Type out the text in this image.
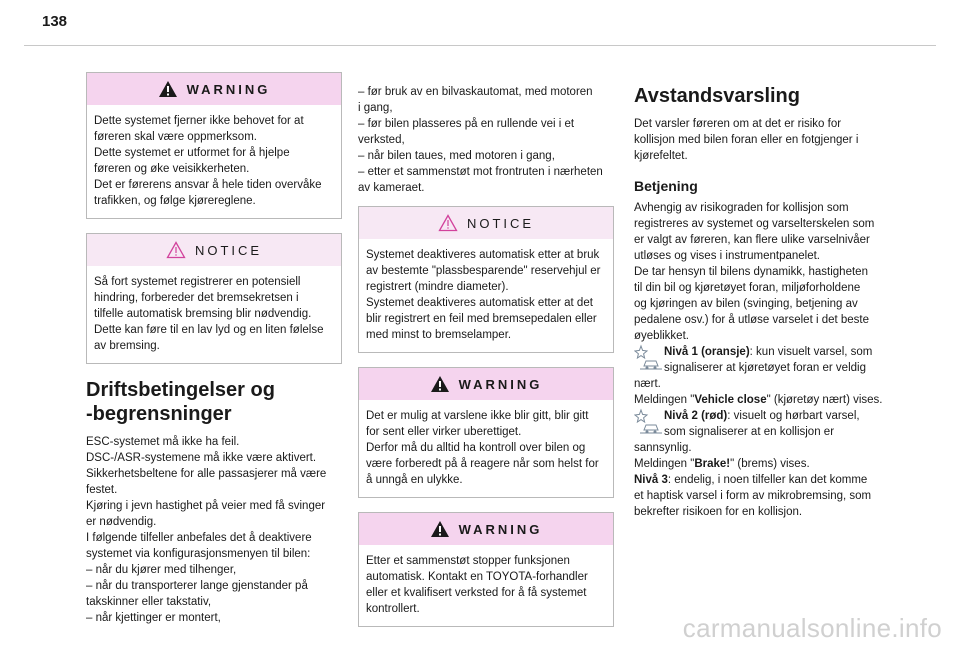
138
WARNING

Dette systemet fjerner ikke behovet for at

føreren skal være oppmerksom.

Dette systemet er utformet for å hjelpe

føreren og øke veisikkerheten.

Det er førerens ansvar å hele tiden overvåke

trafikken, og følge kjørereglene.

NOTICE

Så fort systemet registrerer en potensiell

hindring, forbereder det bremsekretsen i

tilfelle automatisk bremsing blir nødvendig.

Dette kan føre til en lav lyd og en liten følelse

av bremsing.

Driftsbetingelser og
-begrensninger

ESC-systemet må ikke ha feil.

DSC-/ASR-systemene må ikke være aktivert.

Sikkerhetsbeltene for alle passasjerer må være

festet.

Kjøring i jevn hastighet på veier med få svinger

er nødvendig.

I følgende tilfeller anbefales det å deaktivere

systemet via konfigurasjonsmenyen til bilen:

– når du kjører med tilhenger,

– når du transporterer lange gjenstander på

takskinner eller takstativ,

– når kjettinger er montert,

– før bruk av en bilvaskautomat, med motoren

i gang,

– før bilen plasseres på en rullende vei i et

verksted,

– når bilen taues, med motoren i gang,

– etter et sammenstøt mot frontruten i nærheten

av kameraet.

NOTICE

Systemet deaktiveres automatisk etter at bruk

av bestemte "plassbesparende" reservehjul er

registrert (mindre diameter).

Systemet deaktiveres automatisk etter at det

blir registrert en feil med bremsepedalen eller

med minst to bremselamper.

WARNING

Det er mulig at varslene ikke blir gitt, blir gitt

for sent eller virker uberettiget.

Derfor må du alltid ha kontroll over bilen og

være forberedt på å reagere når som helst for

å unngå en ulykke.

WARNING

Etter et sammenstøt stopper funksjonen

automatisk. Kontakt en TOYOTA-forhandler

eller et kvalifisert verksted for å få systemet

kontrollert.

Avstandsvarsling

Det varsler føreren om at det er risiko for

kollisjon med bilen foran eller en fotgjenger i

kjørefeltet.

Betjening

Avhengig av risikograden for kollisjon som

registreres av systemet og varselterskelen som

er valgt av føreren, kan flere ulike varselnivåer

utløses og vises i instrumentpanelet.

De tar hensyn til bilens dynamikk, hastigheten

til din bil og kjøretøyet foran, miljøforholdene

og kjøringen av bilen (svinging, betjening av

pedalene osv.) for å utløse varselet i det beste

øyeblikket.

Nivå 1 (oransje): kun visuelt varsel, som

signaliserer at kjøretøyet foran er veldig

nært.

Meldingen "Vehicle close" (kjøretøy nært) vises.

Nivå 2 (rød): visuelt og hørbart varsel,

som signaliserer at en kollisjon er

sannsynlig.

Meldingen "Brake!" (brems) vises.

Nivå 3: endelig, i noen tilfeller kan det komme

et haptisk varsel i form av mikrobremsing, som

bekrefter risikoen for en kollisjon.

carmanualsonline.info
